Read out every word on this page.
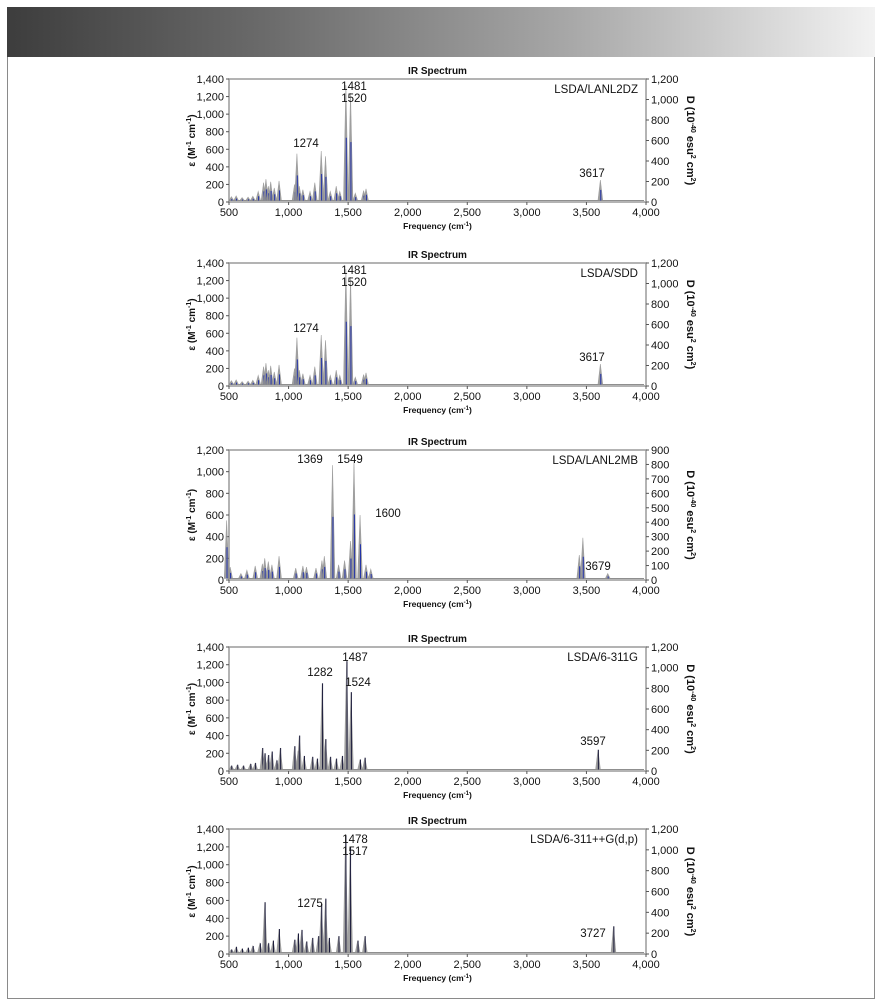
IR Spectrum
LSDA/LANL2DZ
500	1,000	1,500	2,000	2,500	3,000	3,500	4,000
Frequency $(cm^{-1})$
0
200
400
600
800
1,000
1,200
1,400
0
200
400
600
800
1,000
1,200
ε ($M^{-1}$ $cm^{-1}$)	D ($10^{-40}$ esu$^2$ $cm^2$)
1481
1520
1274
3617
IR Spectrum
LSDA/SDD
500	1,000	1,500	2,000	2,500	3,000	3,500	4,000
Frequency $(cm^{-1})$
0
200
400
600
800
1,000
1,200
1,400
0
200
400
600
800
1,000
1,200
ε ($M^{-1}$ $cm^{-1}$)	D ($10^{-40}$ esu$^2$ $cm^2$)
1481
1520
1274
3617
IR Spectrum
LSDA/LANL2MB
500	1,000	1,500	2,000	2,500	3,000	3,500	4,000
Frequency $(cm^{-1})$
0
200
400
600
800
1,000
1,200
0
100
200
300
400
500
600
700
800
900
ε ($M^{-1}$ $cm^{-1}$)	D ($10^{-40}$ esu$^2$ $cm^2$)
1369 1549
1600
3679
IR Spectrum
LSDA/6-311G
500	1,000	1,500	2,000	2,500	3,000	3,500	4,000
Frequency $(cm^{-1})$
0
200
400
600
800
1,000
1,200
1,400
0
200
400
600
800
1,000
1,200
ε ($M^{-1}$ $cm^{-1}$)	D ($10^{-40}$ esu$^2$ $cm^2$)
1487
1282
1524
3597
IR Spectrum
LSDA/6-311++G(d,p)
500	1,000	1,500	2,000	2,500	3,000	3,500	4,000
Frequency $(cm^{-1})$
0
200
400
600
800
1,000
1,200
1,400
0
200
400
600
800
1,000
1,200
ε ($M^{-1}$ $cm^{-1}$)	D ($10^{-40}$ esu$^2$ $cm^2$)
1478
1517
1275
3727
